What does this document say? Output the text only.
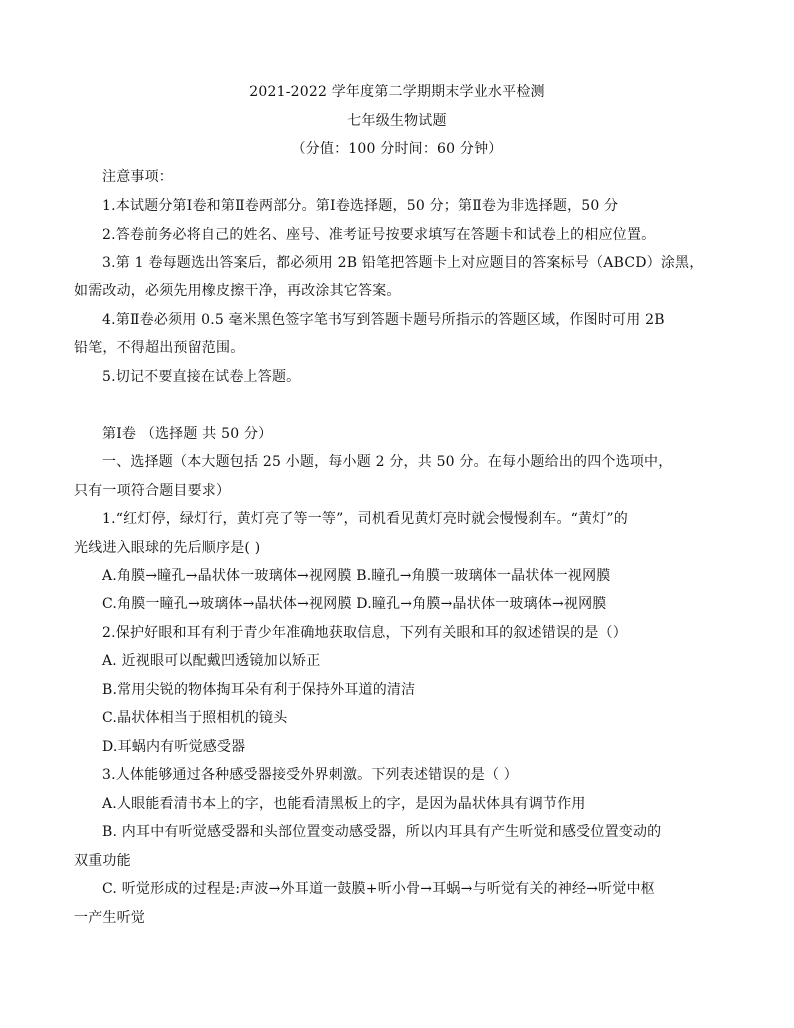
2021-2022 学年度第二学期期末学业水平检测
七年级生物试题
（分值：100 分时间：60 分钟）
注意事项：
1.本试题分第Ⅰ卷和第Ⅱ卷两部分。第Ⅰ卷选择题，50 分；第Ⅱ卷为非选择题，50 分
2.答卷前务必将自己的姓名、座号、准考证号按要求填写在答题卡和试卷上的相应位置。
3.第 1 卷每题选出答案后，都必须用 2B 铅笔把答题卡上对应题目的答案标号（ABCD）涂黑，
如需改动，必须先用橡皮擦干净，再改涂其它答案。
4.第Ⅱ卷必须用 0.5 毫米黑色签字笔书写到答题卡题号所指示的答题区域，作图时可用 2B
铅笔，不得超出预留范围。
5.切记不要直接在试卷上答题。
第Ⅰ卷 （选择题 共 50 分）
一、选择题（本大题包括 25 小题，每小题 2 分，共 50 分。在每小题给出的四个选项中，
只有一项符合题目要求）
1.“红灯停，绿灯行，黄灯亮了等一等”，司机看见黄灯亮时就会慢慢刹车。“黄灯”的
光线进入眼球的先后顺序是( )
A.角膜→瞳孔→晶状体一玻璃体→视网膜 B.瞳孔→角膜一玻璃体一晶状体一视网膜
C.角膜一瞳孔→玻璃体→晶状体→视网膜 D.瞳孔→角膜→晶状体一玻璃体→视网膜
2.保护好眼和耳有利于青少年准确地获取信息，下列有关眼和耳的叙述错误的是（）
A. 近视眼可以配戴凹透镜加以矫正
B.常用尖锐的物体掏耳朵有利于保持外耳道的清洁
C.晶状体相当于照相机的镜头
D.耳蜗内有听觉感受器
3.人体能够通过各种感受器接受外界刺激。下列表述错误的是（ ）
A.人眼能看清书本上的字，也能看清黑板上的字，是因为晶状体具有调节作用
B. 内耳中有听觉感受器和头部位置变动感受器，所以内耳具有产生听觉和感受位置变动的
双重功能
C. 听觉形成的过程是:声波→外耳道一鼓膜+听小骨→耳蜗→与听觉有关的神经→听觉中枢
一产生听觉
